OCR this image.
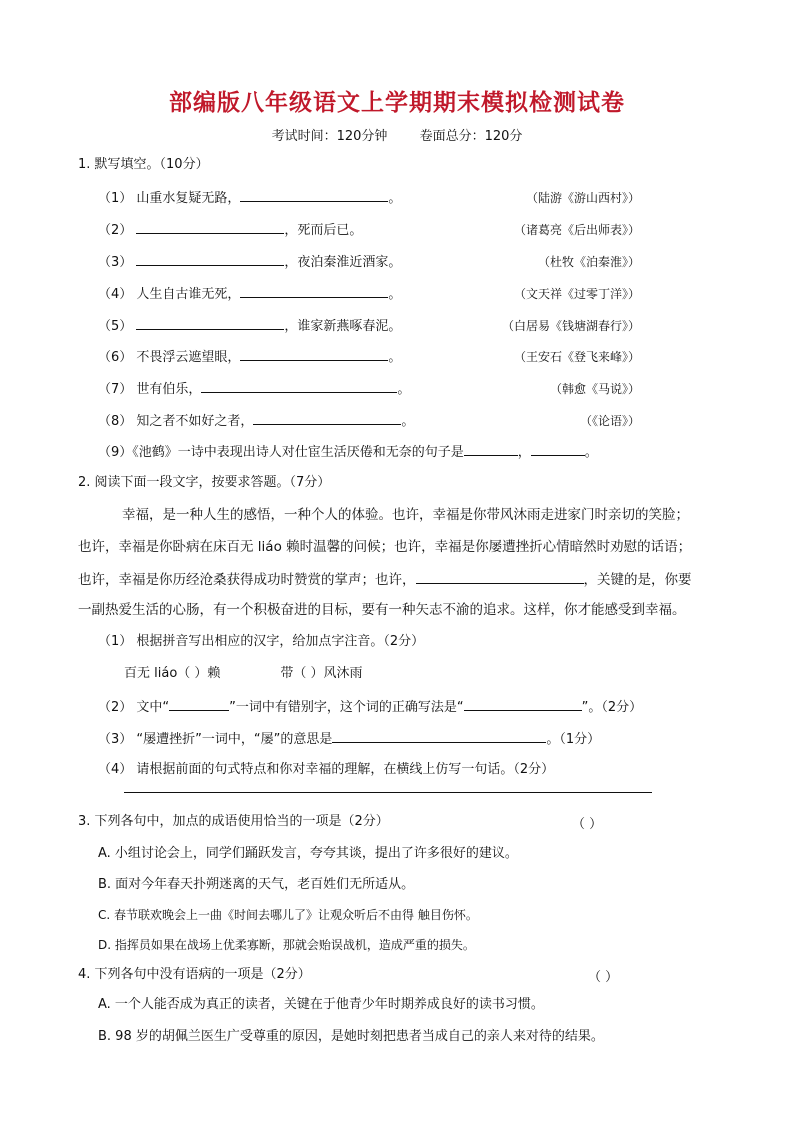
部编版八年级语文上学期期末模拟检测试卷
考试时间：120分钟 卷面总分：120分
1. 默写填空。（10分）
（1） 山重水复疑无路，	。	（陆游《游山西村》）
（2）	，死而后已。	（诸葛亮《后出师表》）
（3）	，夜泊秦淮近酒家。	（杜牧《泊秦淮》）
（4） 人生自古谁无死，	。	（文天祥《过零丁洋》）
（5）	，谁家新燕啄春泥。	（白居易《钱塘湖春行》）
（6） 不畏浮云遮望眼，	。	（王安石《登飞来峰》）
（7） 世有伯乐，	。	（韩愈《马说》）
（8） 知之者不如好之者，	。	（《论语》）
（9）《池鹤》一诗中表现出诗人对仕宦生活厌倦和无奈的句子是	，	。
2. 阅读下面一段文字，按要求答题。（7分）
幸福，是一种人生的感悟，一种个人的体验。也许，幸福是你带风沐雨走进家门时亲切的笑脸；
也许，幸福是你卧病在床百无 liáo 赖时温馨的问候；也许，幸福是你屡遭挫折心情暗然时劝慰的话语；
也许，幸福是你历经沧桑获得成功时赞赏的掌声；也许，	，关键的是，你要
一副热爱生活的心肠，有一个积极奋进的目标，要有一种矢志不渝的追求。这样，你才能感受到幸福。
（1） 根据拼音写出相应的汉字，给加点字注音。（2分）
百无 liáo（ ）赖	带（ ）风沐雨
（2） 文中“	”一词中有错别字，这个词的正确写法是“	”。（2分）
（3） “屡遭挫折”一词中，“屡”的意思是	。（1分）
（4） 请根据前面的句式特点和你对幸福的理解，在横线上仿写一句话。（2分）
3. 下列各句中，加点的成语使用恰当的一项是（2分）	（ ）
A. 小组讨论会上，同学们踊跃发言，夸夸其谈，提出了许多很好的建议。
B. 面对今年春天扑朔迷离的天气，老百姓们无所适从。
C. 春节联欢晚会上一曲《时间去哪儿了》让观众听后不由得 触目伤怀。
D. 指挥员如果在战场上优柔寡断，那就会贻误战机，造成严重的损失。
4. 下列各句中没有语病的一项是（2分）	（ ）
A. 一个人能否成为真正的读者，关键在于他青少年时期养成良好的读书习惯。
B. 98 岁的胡佩兰医生广受尊重的原因，是她时刻把患者当成自己的亲人来对待的结果。
